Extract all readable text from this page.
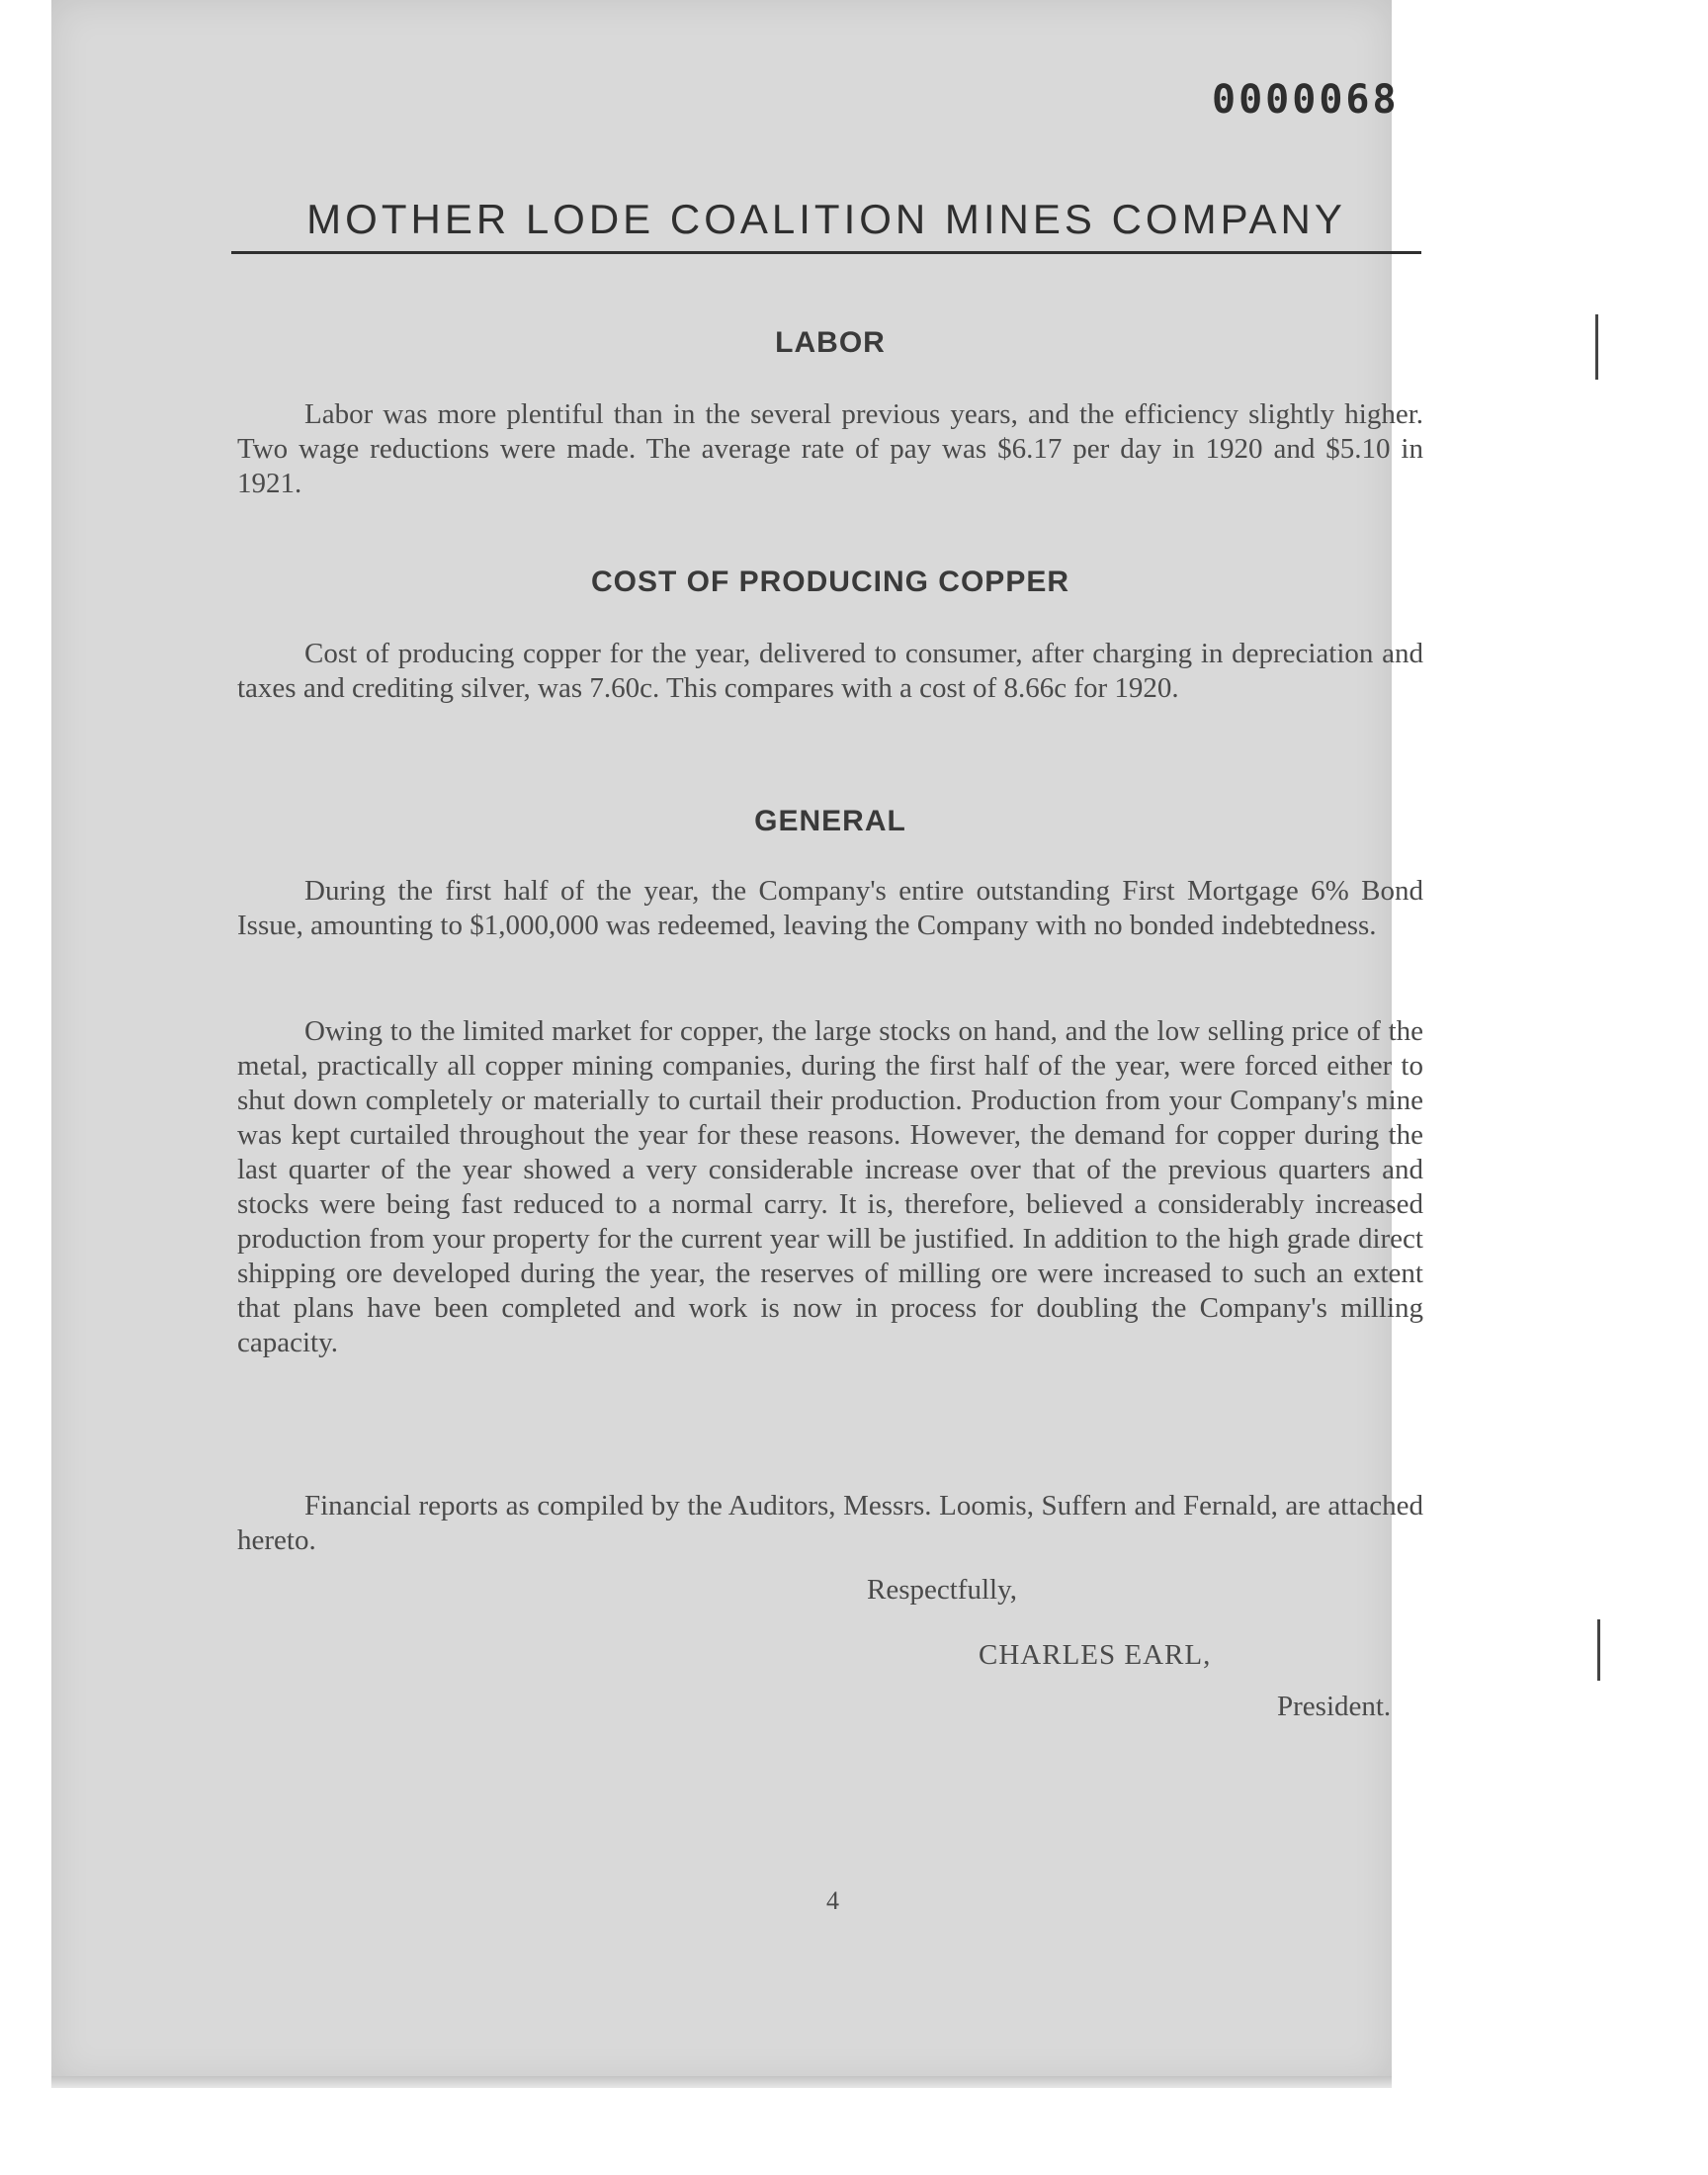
0000068
MOTHER LODE COALITION MINES COMPANY
LABOR
Labor was more plentiful than in the several previous years, and the efficiency slightly higher. Two wage reductions were made. The average rate of pay was $6.17 per day in 1920 and $5.10 in 1921.
COST OF PRODUCING COPPER
Cost of producing copper for the year, delivered to consumer, after charging in depreciation and taxes and crediting silver, was 7.60c. This compares with a cost of 8.66c for 1920.
GENERAL
During the first half of the year, the Company's entire outstanding First Mortgage 6% Bond Issue, amounting to $1,000,000 was redeemed, leaving the Company with no bonded indebtedness.
Owing to the limited market for copper, the large stocks on hand, and the low selling price of the metal, practically all copper mining companies, during the first half of the year, were forced either to shut down completely or materially to curtail their production. Production from your Company's mine was kept curtailed throughout the year for these reasons. However, the demand for copper during the last quarter of the year showed a very considerable increase over that of the previous quarters and stocks were being fast reduced to a normal carry. It is, therefore, believed a considerably increased production from your property for the current year will be justified. In addition to the high grade direct shipping ore developed during the year, the reserves of milling ore were increased to such an extent that plans have been completed and work is now in process for doubling the Company's milling capacity.
Financial reports as compiled by the Auditors, Messrs. Loomis, Suffern and Fernald, are attached hereto.
Respectfully,
CHARLES EARL,
President.
4
